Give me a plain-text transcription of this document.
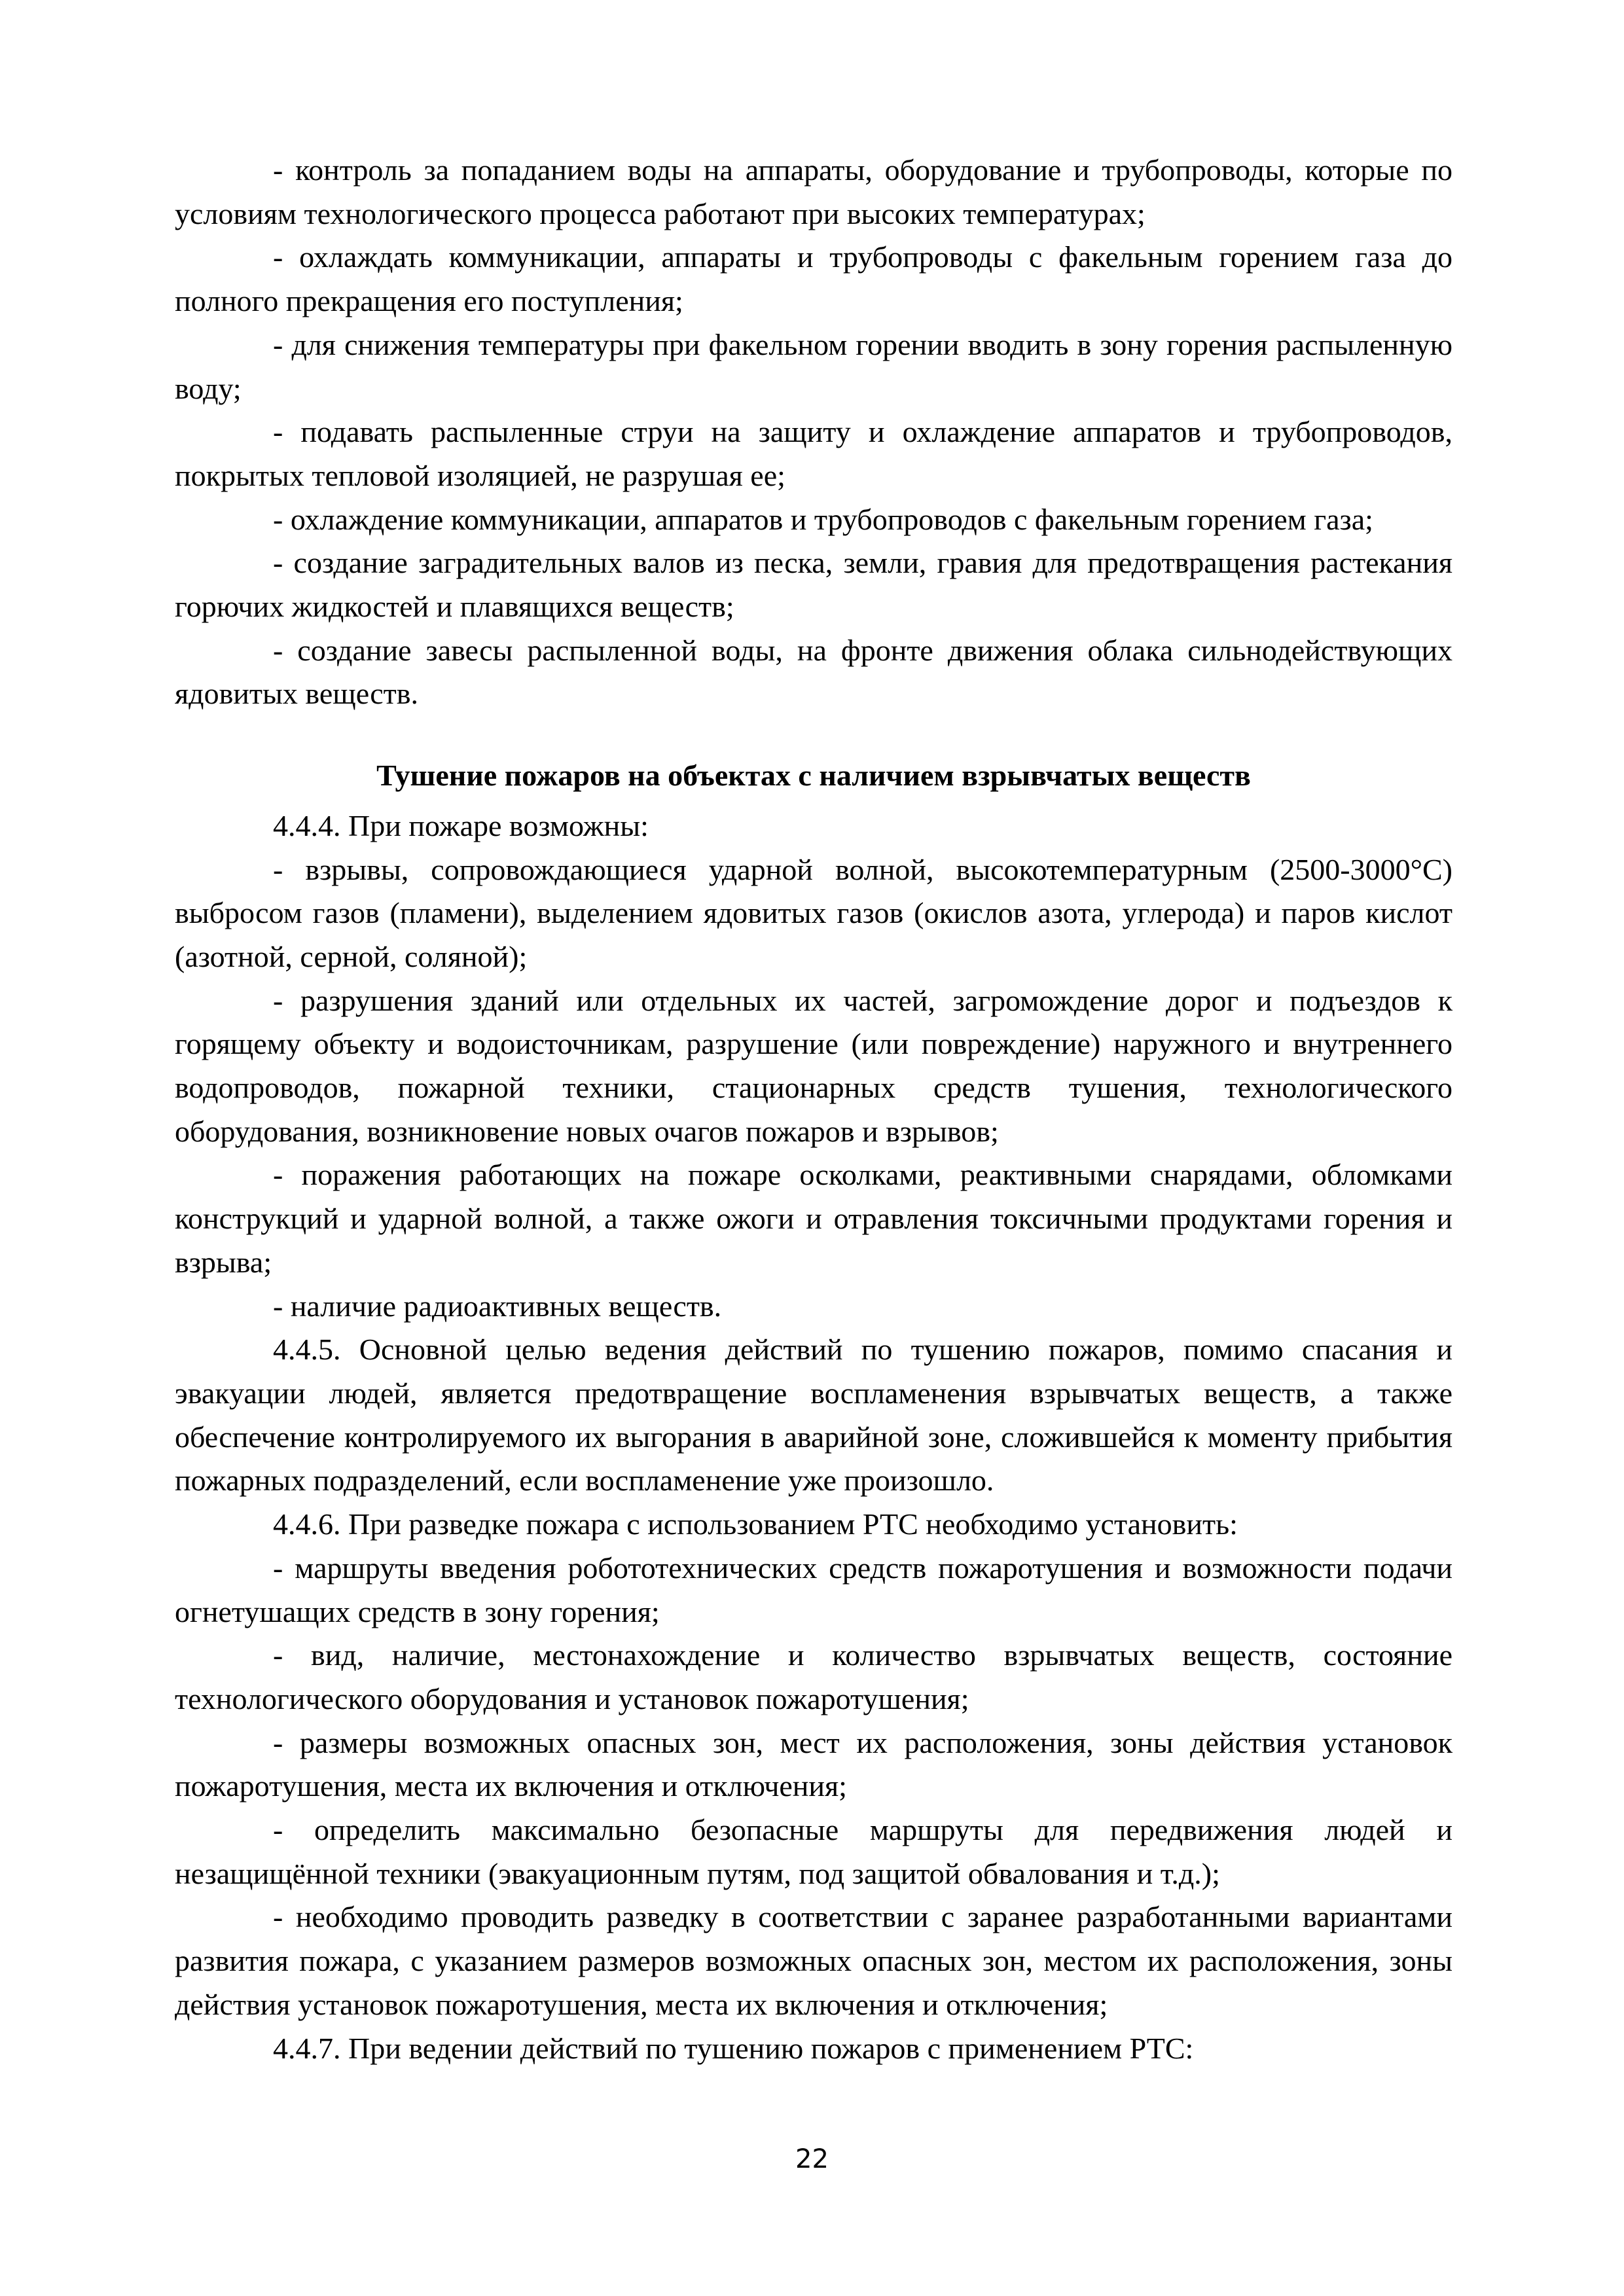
- контроль за попаданием воды на аппараты, оборудование и трубопроводы, которые по условиям технологического процесса работают при высоких температурах;

- охлаждать коммуникации, аппараты и трубопроводы с факельным горением газа до полного прекращения его поступления;

- для снижения температуры при факельном горении вводить в зону горения распыленную воду;

- подавать распыленные струи на защиту и охлаждение аппаратов и трубопроводов, покрытых тепловой изоляцией, не разрушая ее;

- охлаждение коммуникации, аппаратов и трубопроводов с факельным горением газа;

- создание заградительных валов из песка, земли, гравия для предотвращения растекания горючих жидкостей и плавящихся веществ;

- создание завесы распыленной воды, на фронте движения облака сильнодействующих ядовитых веществ.

Тушение пожаров на объектах с наличием взрывчатых веществ

4.4.4. При пожаре возможны:

- взрывы, сопровождающиеся ударной волной, высокотемпературным (2500-3000°С) выбросом газов (пламени), выделением ядовитых газов (окислов азота, углерода) и паров кислот (азотной, серной, соляной);

- разрушения зданий или отдельных их частей, загромождение дорог и подъездов к горящему объекту и водоисточникам, разрушение (или повреждение) наружного и внутреннего водопроводов, пожарной техники, стационарных средств тушения, технологического оборудования, возникновение новых очагов пожаров и взрывов;

- поражения работающих на пожаре осколками, реактивными снарядами, обломками конструкций и ударной волной, а также ожоги и отравления токсичными продуктами горения и взрыва;

- наличие радиоактивных веществ.

4.4.5. Основной целью ведения действий по тушению пожаров, помимо спасания и эвакуации людей, является предотвращение воспламенения взрывчатых веществ, а также обеспечение контролируемого их выгорания в аварийной зоне, сложившейся к моменту прибытия пожарных подразделений, если воспламенение уже произошло.

4.4.6. При разведке пожара с использованием РТС необходимо установить:

- маршруты введения робототехнических средств пожаротушения и возможности подачи огнетушащих средств в зону горения;

- вид, наличие, местонахождение и количество взрывчатых веществ, состояние технологического оборудования и установок пожаротушения;

- размеры возможных опасных зон, мест их расположения, зоны действия установок пожаротушения, места их включения и отключения;

- определить максимально безопасные маршруты для передвижения людей и незащищённой техники (эвакуационным путям, под защитой обвалования и т.д.);

- необходимо проводить разведку в соответствии с заранее разработанными вариантами развития пожара, с указанием размеров возможных опасных зон, местом их расположения, зоны действия установок пожаротушения, места их включения и отключения;

4.4.7. При ведении действий по тушению пожаров с применением РТС:

22
